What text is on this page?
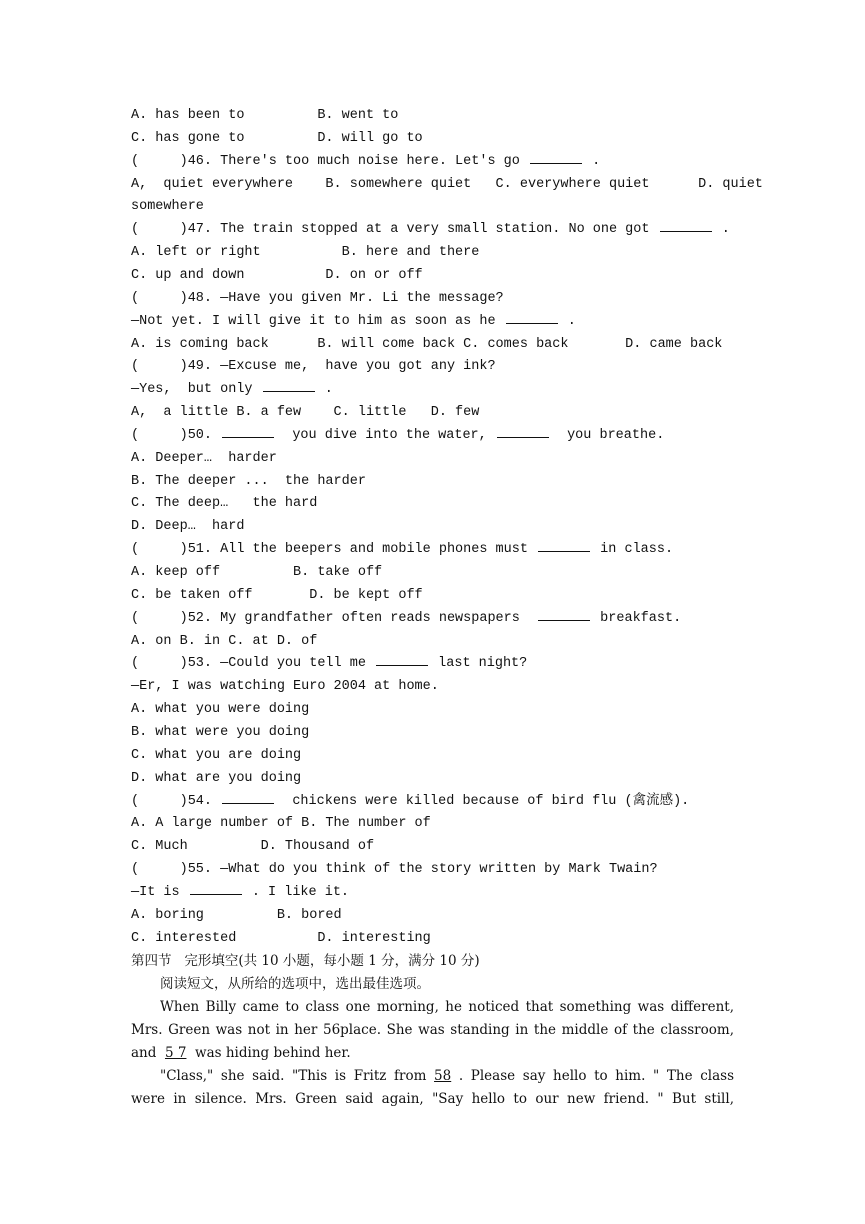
A. has been to         B. went to
C. has gone to         D. will go to
(     )46. There's too much noise here. Let's go	.
A,  quiet everywhere    B. somewhere quiet   C. everywhere quiet      D. quiet
somewhere
(     )47. The train stopped at a very small station. No one got	.
A. left or right          B. here and there
C. up and down          D. on or off
(     )48. —Have you given Mr. Li the message?
—Not yet. I will give it to him as soon as he	.
A. is coming back      B. will come back C. comes back       D. came back
(     )49. —Excuse me,  have you got any ink?
—Yes,  but only	.
A,  a little B. a few    C. little   D. few
(     )50.	you dive into the water,	you breathe.
A. Deeper…  harder
B. The deeper ...  the harder
C. The deep…   the hard
D. Deep…  hard
(     )51. All the beepers and mobile phones must	in class.
A. keep off         B. take off
C. be taken off       D. be kept off
(     )52. My grandfather often reads newspapers	breakfast.
A. on B. in C. at D. of
(     )53. —Could you tell me	last night?
—Er, I was watching Euro 2004 at home.
A. what you were doing
B. what were you doing
C. what you are doing
D. what are you doing
(     )54.	chickens were killed because of bird flu (禽流感).
A. A large number of B. The number of
C. Much         D. Thousand of
(     )55. —What do you think of the story written by Mark Twain?
—It is	. I like it.
A. boring         B. bored
C. interested          D. interesting
第四节   完形填空(共 10 小题，每小题 1 分，满分 10 分)
阅读短文，从所给的选项中，选出最佳选项。
When Billy came to class one morning, he noticed that something was different,
Mrs. Green was not in her 56place. She was standing in the middle of the classroom,
and  5 7  was hiding behind her.
"Class," she said. "This is Fritz from 58 . Please say hello to him. " The class
were in silence. Mrs. Green said again, "Say hello to our new friend. " But still,
